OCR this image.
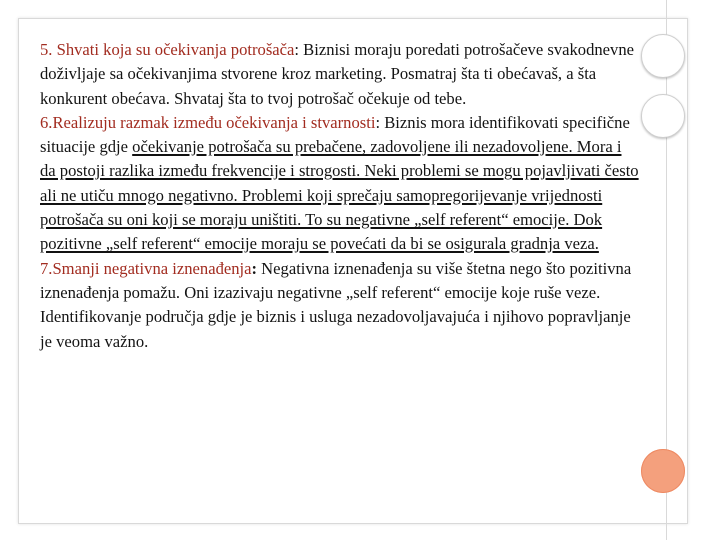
5. Shvati koja su očekivanja potrošača: Biznisi moraju poredati potrošačeve svakodnevne doživljaje sa očekivanjima stvorene kroz marketing. Posmatraj šta ti obećavaš, a šta konkurent obećava. Shvataj šta to tvoj potrošač očekuje od tebe.

6.Realizuju razmak između očekivanja i stvarnosti: Biznis mora identifikovati specifične situacije gdje očekivanje potrošača su prebačene, zadovoljene ili nezadovoljene. Mora i da postoji razlika između frekvencije i strogosti. Neki problemi se mogu pojavljivati često ali ne utiču mnogo negativno. Problemi koji sprečaju samopregorijevanje vrijednosti potrošača su oni koji se moraju uništiti. To su negativne „self referent“ emocije. Dok pozitivne „self referent“ emocije moraju se povećati da bi se osigurala gradnja veza.

7.Smanji negativna iznenađenja: Negativna iznenađenja su više štetna nego što pozitivna iznenađenja pomažu. Oni izazivaju negativne „self referent“ emocije koje ruše veze. Identifikovanje područja gdje je biznis i usluga nezadovoljavajuća i njihovo popravljanje je veoma važno.
